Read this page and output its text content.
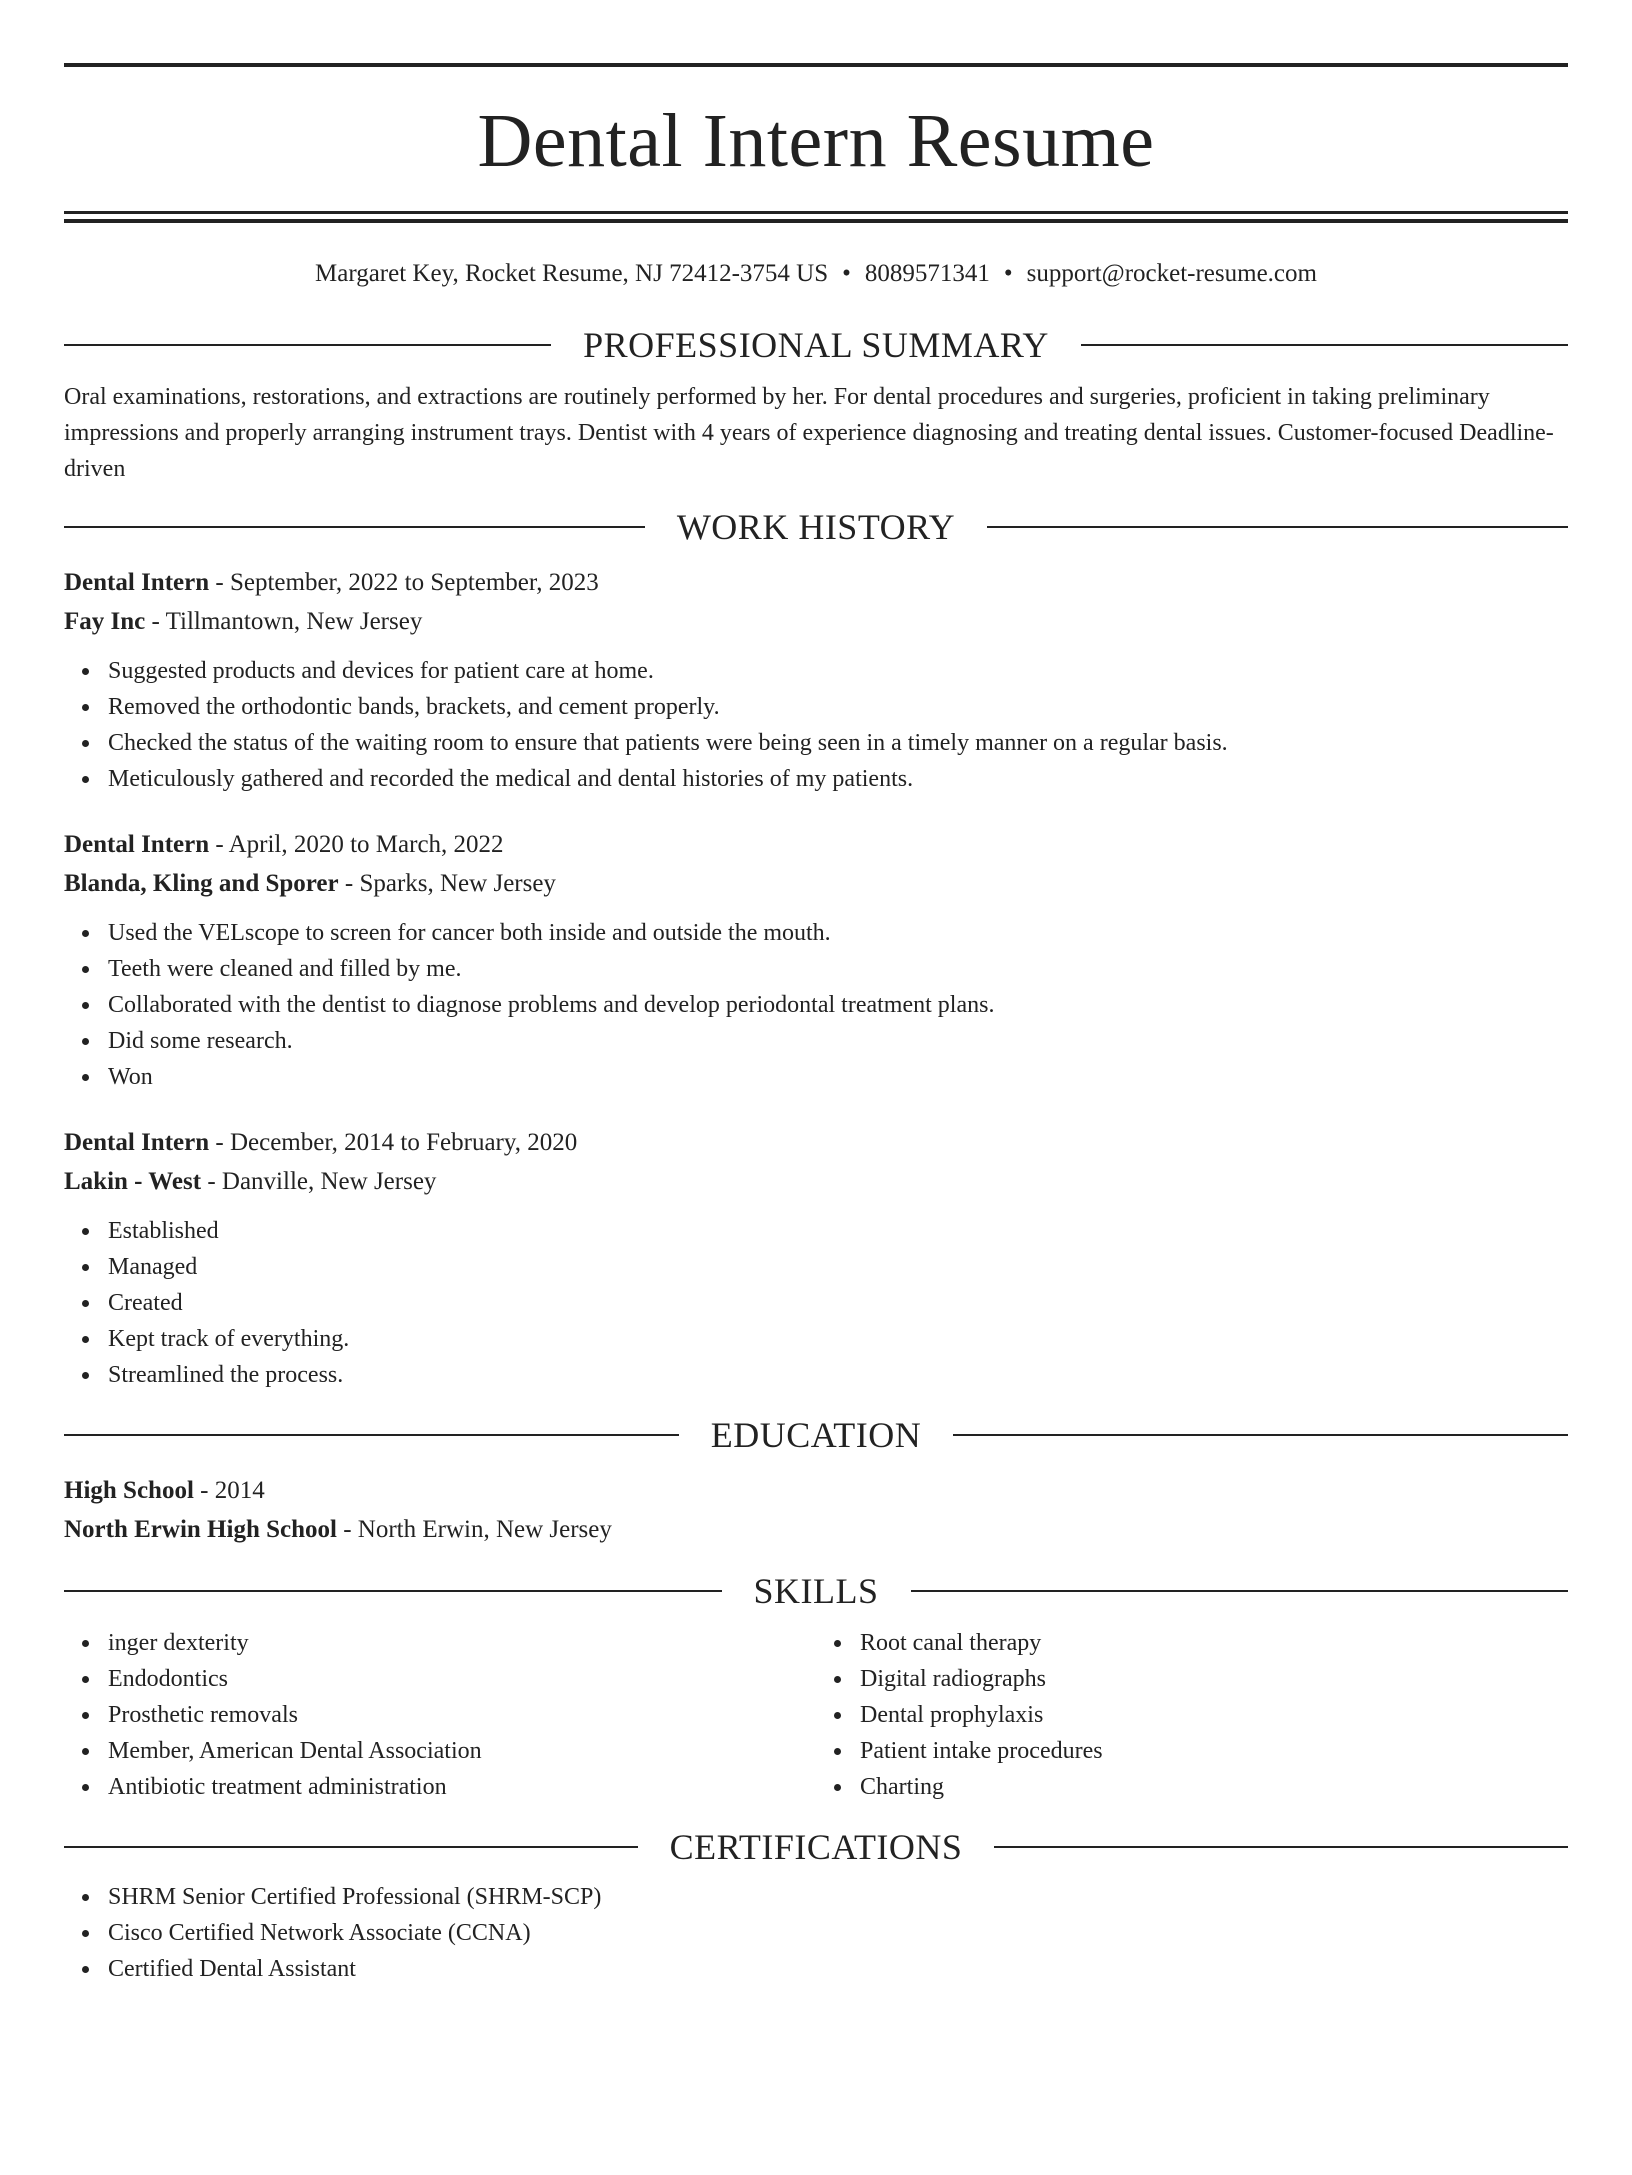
Dental Intern Resume
Margaret Key, Rocket Resume, NJ 72412-3754 US • 8089571341 • support@rocket-resume.com
PROFESSIONAL SUMMARY
Oral examinations, restorations, and extractions are routinely performed by her. For dental procedures and surgeries, proficient in taking preliminary impressions and properly arranging instrument trays. Dentist with 4 years of experience diagnosing and treating dental issues. Customer-focused Deadline-driven
WORK HISTORY
Dental Intern - September, 2022 to September, 2023
Fay Inc - Tillmantown, New Jersey
Suggested products and devices for patient care at home.
Removed the orthodontic bands, brackets, and cement properly.
Checked the status of the waiting room to ensure that patients were being seen in a timely manner on a regular basis.
Meticulously gathered and recorded the medical and dental histories of my patients.
Dental Intern - April, 2020 to March, 2022
Blanda, Kling and Sporer - Sparks, New Jersey
Used the VELscope to screen for cancer both inside and outside the mouth.
Teeth were cleaned and filled by me.
Collaborated with the dentist to diagnose problems and develop periodontal treatment plans.
Did some research.
Won
Dental Intern - December, 2014 to February, 2020
Lakin - West - Danville, New Jersey
Established
Managed
Created
Kept track of everything.
Streamlined the process.
EDUCATION
High School - 2014
North Erwin High School - North Erwin, New Jersey
SKILLS
inger dexterity
Endodontics
Prosthetic removals
Member, American Dental Association
Antibiotic treatment administration
Root canal therapy
Digital radiographs
Dental prophylaxis
Patient intake procedures
Charting
CERTIFICATIONS
SHRM Senior Certified Professional (SHRM-SCP)
Cisco Certified Network Associate (CCNA)
Certified Dental Assistant
